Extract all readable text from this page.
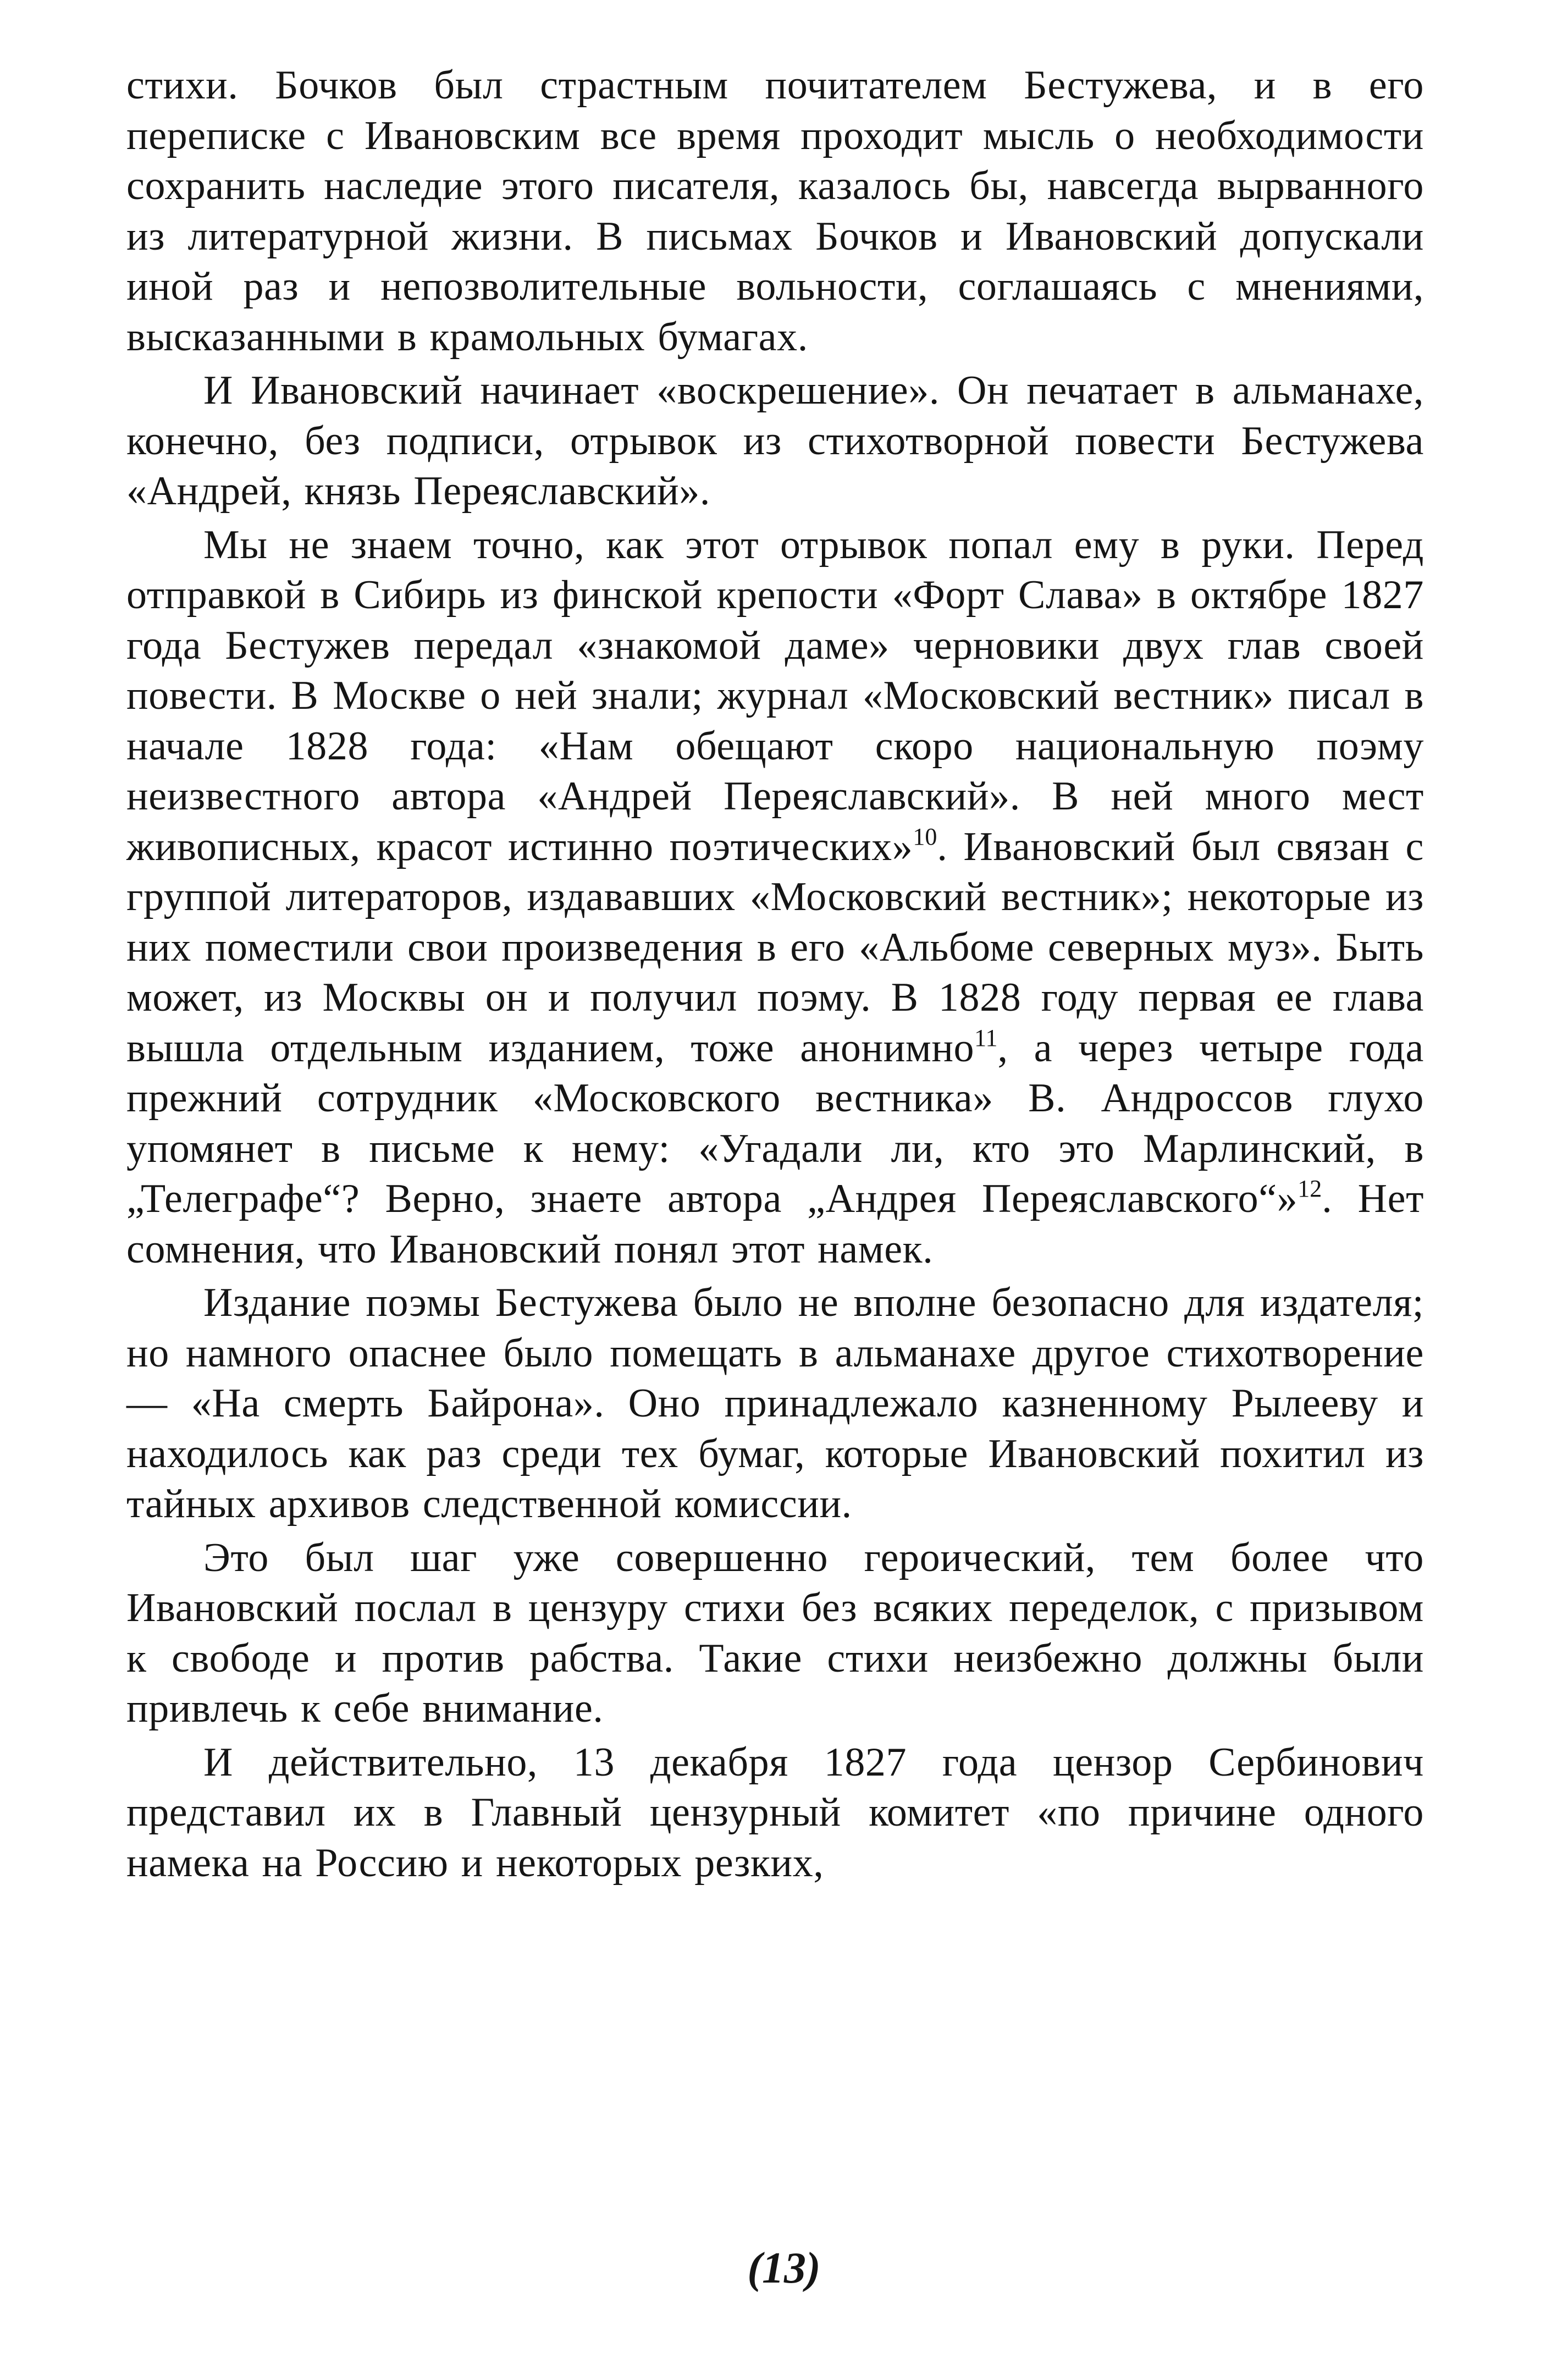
стихи. Бочков был страстным почитателем Бестужева, и в его переписке с Ивановским все время проходит мысль о необходимости сохранить наследие этого писателя, казалось бы, навсегда вырванного из литературной жизни. В письмах Бочков и Ивановский допускали иной раз и непозволительные вольности, соглашаясь с мнениями, высказанными в крамольных бумагах.

И Ивановский начинает «воскрешение». Он печатает в альманахе, конечно, без подписи, отрывок из стихотворной повести Бестужева «Андрей, князь Переяславский».

Мы не знаем точно, как этот отрывок попал ему в руки. Перед отправкой в Сибирь из финской крепости «Форт Слава» в октябре 1827 года Бестужев передал «знакомой даме» черновики двух глав своей повести. В Москве о ней знали; журнал «Московский вестник» писал в начале 1828 года: «Нам обещают скоро национальную поэму неизвестного автора «Андрей Переяславский». В ней много мест живописных, красот истинно поэтических»$^{10}$. Ивановский был связан с группой литераторов, издававших «Московский вестник»; некоторые из них поместили свои произведения в его «Альбоме северных муз». Быть может, из Москвы он и получил поэму. В 1828 году первая ее глава вышла отдельным изданием, тоже анонимно$^{11}$, а через четыре года прежний сотрудник «Московского вестника» В. Андроссов глухо упомянет в письме к нему: «Угадали ли, кто это Марлинский, в „Телеграфе“? Верно, знаете автора „Андрея Переяславского“»$^{12}$. Нет сомнения, что Ивановский понял этот намек.

Издание поэмы Бестужева было не вполне безопасно для издателя; но намного опаснее было помещать в альманахе другое стихотворение — «На смерть Байрона». Оно принадлежало казненному Рылееву и находилось как раз среди тех бумаг, которые Ивановский похитил из тайных архивов следственной комиссии.

Это был шаг уже совершенно героический, тем более что Ивановский послал в цензуру стихи без всяких переделок, с призывом к свободе и против рабства. Такие стихи неизбежно должны были привлечь к себе внимание.

И действительно, 13 декабря 1827 года цензор Сербинович представил их в Главный цензурный комитет «по причине одного намека на Россию и некоторых резких,

(13)
